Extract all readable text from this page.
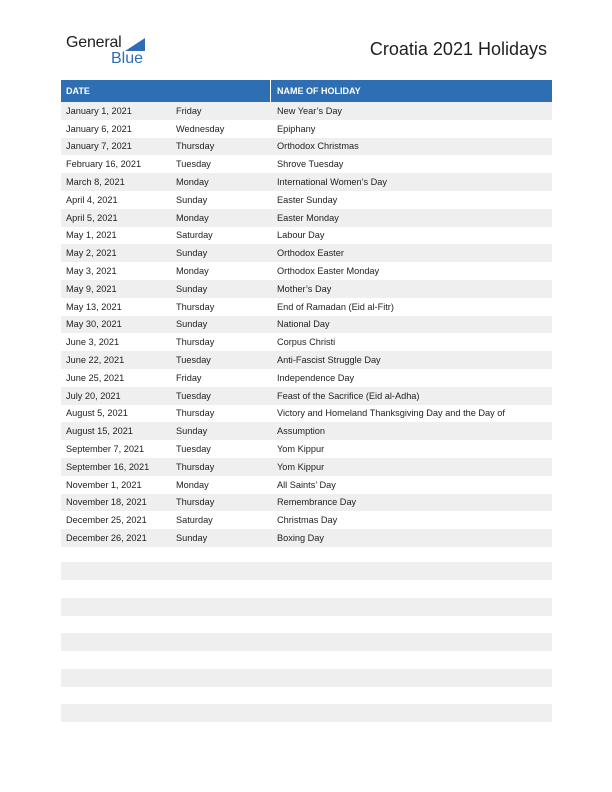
General
Blue	Croatia 2021 Holidays
DATE	NAME OF HOLIDAY
January 1, 2021	Friday	New Year’s Day
January 6, 2021	Wednesday	Epiphany
January 7, 2021	Thursday	Orthodox Christmas
February 16, 2021	Tuesday	Shrove Tuesday
March 8, 2021	Monday	International Women’s Day
April 4, 2021	Sunday	Easter Sunday
April 5, 2021	Monday	Easter Monday
May 1, 2021	Saturday	Labour Day
May 2, 2021	Sunday	Orthodox Easter
May 3, 2021	Monday	Orthodox Easter Monday
May 9, 2021	Sunday	Mother’s Day
May 13, 2021	Thursday	End of Ramadan (Eid al-Fitr)
May 30, 2021	Sunday	National Day
June 3, 2021	Thursday	Corpus Christi
June 22, 2021	Tuesday	Anti-Fascist Struggle Day
June 25, 2021	Friday	Independence Day
July 20, 2021	Tuesday	Feast of the Sacrifice (Eid al-Adha)
August 5, 2021	Thursday	Victory and Homeland Thanksgiving Day and the Day of
August 15, 2021	Sunday	Assumption
September 7, 2021	Tuesday	Yom Kippur
September 16, 2021	Thursday	Yom Kippur
November 1, 2021	Monday	All Saints’ Day
November 18, 2021	Thursday	Remembrance Day
December 25, 2021	Saturday	Christmas Day
December 26, 2021	Sunday	Boxing Day
